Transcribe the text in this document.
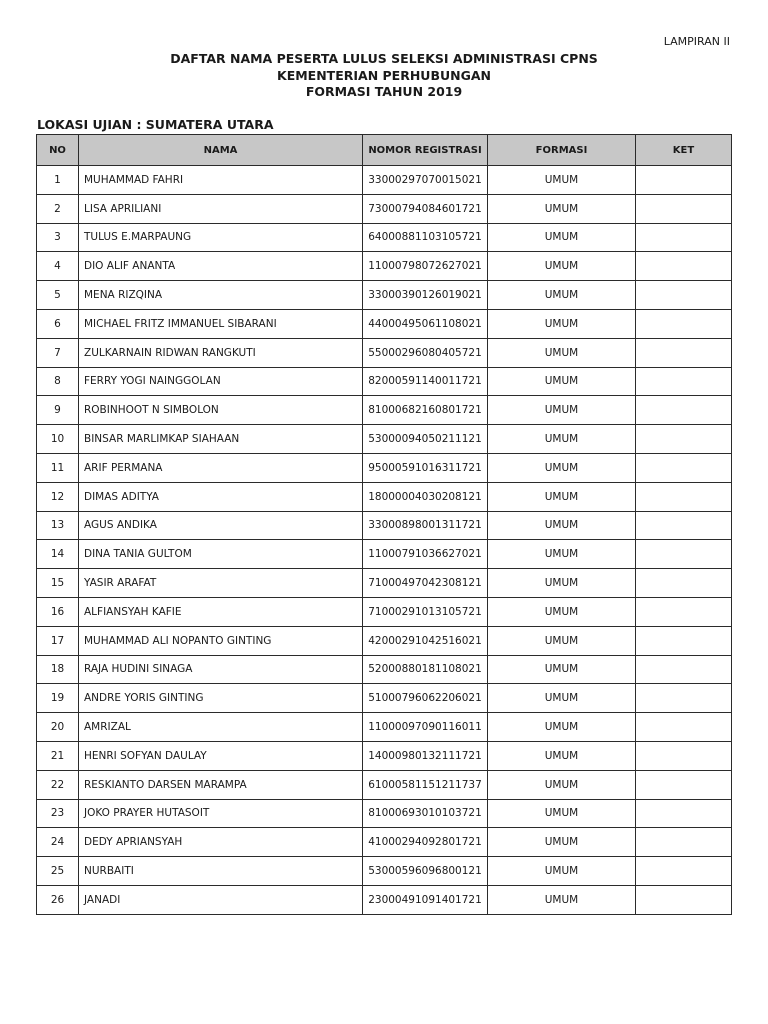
LAMPIRAN II
DAFTAR NAMA PESERTA LULUS SELEKSI ADMINISTRASI CPNS
KEMENTERIAN PERHUBUNGAN
FORMASI TAHUN 2019
LOKASI UJIAN : SUMATERA UTARA
NO	NAMA	NOMOR REGISTRASI	FORMASI	KET
1	MUHAMMAD FAHRI	33000297070015021	UMUM	
2	LISA APRILIANI	73000794084601721	UMUM	
3	TULUS E.MARPAUNG	64000881103105721	UMUM	
4	DIO ALIF ANANTA	11000798072627021	UMUM	
5	MENA RIZQINA	33000390126019021	UMUM	
6	MICHAEL FRITZ IMMANUEL SIBARANI	44000495061108021	UMUM	
7	ZULKARNAIN RIDWAN RANGKUTI	55000296080405721	UMUM	
8	FERRY YOGI NAINGGOLAN	82000591140011721	UMUM	
9	ROBINHOOT N SIMBOLON	81000682160801721	UMUM	
10	BINSAR MARLIMKAP SIAHAAN	53000094050211121	UMUM	
11	ARIF PERMANA	95000591016311721	UMUM	
12	DIMAS ADITYA	18000004030208121	UMUM	
13	AGUS ANDIKA	33000898001311721	UMUM	
14	DINA TANIA GULTOM	11000791036627021	UMUM	
15	YASIR ARAFAT	71000497042308121	UMUM	
16	ALFIANSYAH KAFIE	71000291013105721	UMUM	
17	MUHAMMAD ALI NOPANTO GINTING	42000291042516021	UMUM	
18	RAJA HUDINI SINAGA	52000880181108021	UMUM	
19	ANDRE YORIS GINTING	51000796062206021	UMUM	
20	AMRIZAL	11000097090116011	UMUM	
21	HENRI SOFYAN DAULAY	14000980132111721	UMUM	
22	RESKIANTO DARSEN MARAMPA	61000581151211737	UMUM	
23	JOKO PRAYER HUTASOIT	81000693010103721	UMUM	
24	DEDY APRIANSYAH	41000294092801721	UMUM	
25	NURBAITI	53000596096800121	UMUM	
26	JANADI	23000491091401721	UMUM	
